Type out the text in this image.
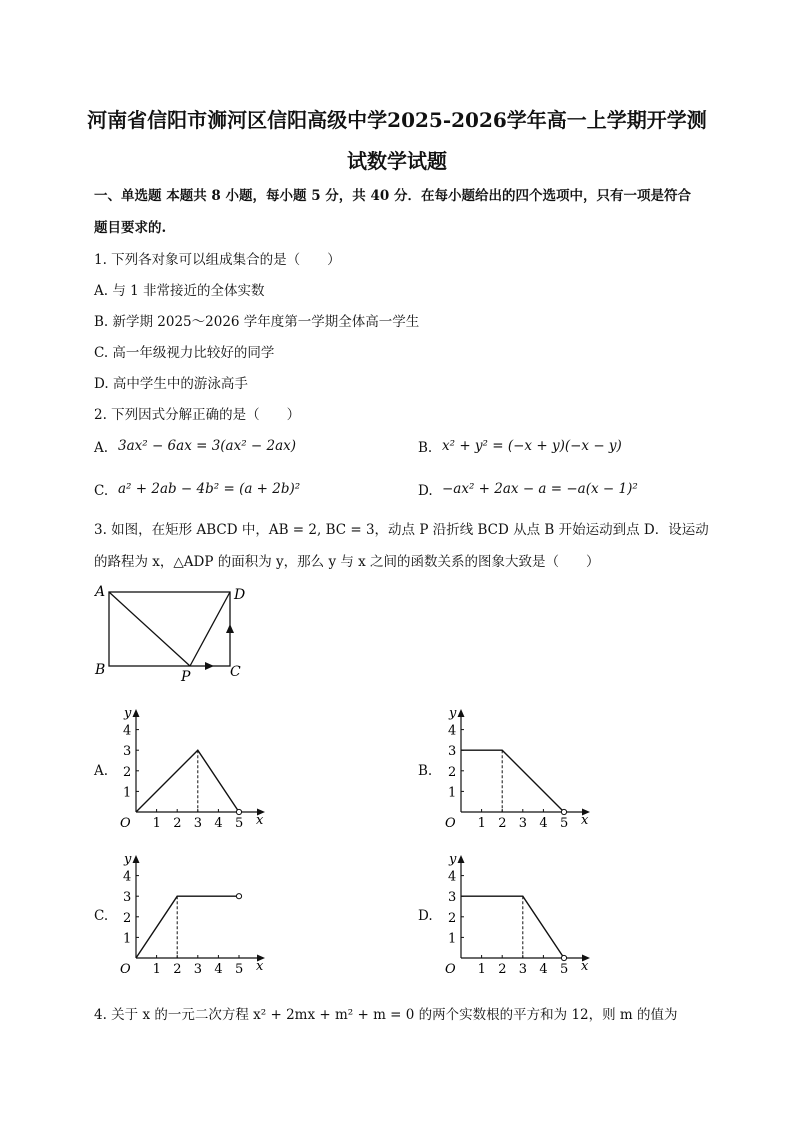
河南省信阳市浉河区信阳高级中学2025-2026学年高一上学期开学测
试数学试题
一、单选题 本题共 8 小题，每小题 5 分，共 40 分．在每小题给出的四个选项中，只有一项是符合
题目要求的.
1. 下列各对象可以组成集合的是（　　）
A. 与 1 非常接近的全体实数
B. 新学期 2025～2026 学年度第一学期全体高一学生
C. 高一年级视力比较好的同学
D. 高中学生中的游泳高手
2. 下列因式分解正确的是（　　）
A. 3ax² − 6ax = 3(ax² − 2ax)	B. x² + y² = (−x + y)(−x − y)
C. a² + 2ab − 4b² = (a + 2b)²	D. −ax² + 2ax − a = −a(x − 1)²
3. 如图，在矩形 ABCD 中，AB = 2, BC = 3，动点 P 沿折线 BCD 从点 B 开始运动到点 D．设运动
的路程为 x，△ADP 的面积为 y，那么 y 与 x 之间的函数关系的图象大致是（　　）
A	D
B	P	C
A.	B.
C.	D.
1 2 3 4 5
1
2
3
4
O	x
y
1 2 3 4 5
1
2
3
4
O	x
y
1 2 3 4 5
1
2
3
4
O	x
y
1 2 3 4 5
1
2
3
4
O	x
y
4. 关于 x 的一元二次方程 x² + 2mx + m² + m = 0 的两个实数根的平方和为 12，则 m 的值为
